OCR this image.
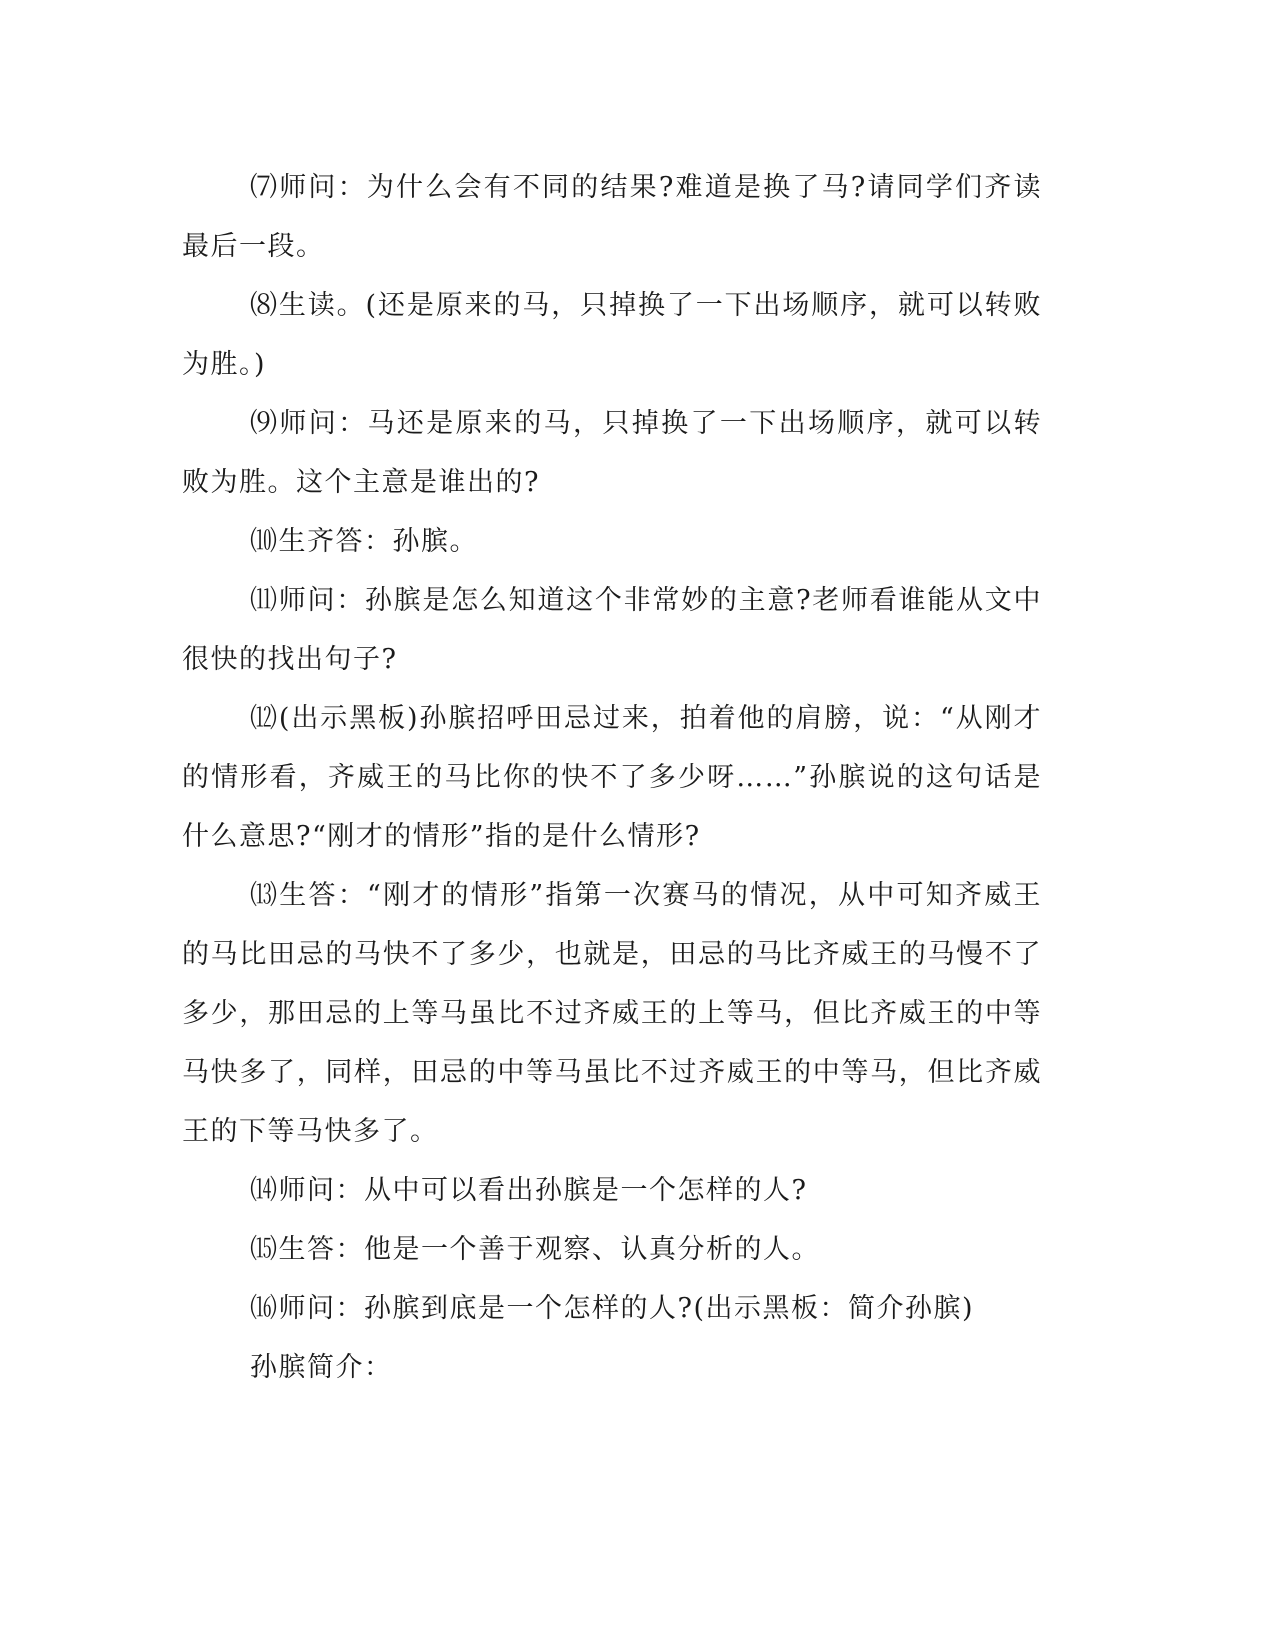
⑺师问：为什么会有不同的结果?难道是换了马?请同学们齐读最后一段。

⑻生读。(还是原来的马，只掉换了一下出场顺序，就可以转败为胜。)

⑼师问：马还是原来的马，只掉换了一下出场顺序，就可以转败为胜。这个主意是谁出的?

⑽生齐答：孙膑。

⑾师问：孙膑是怎么知道这个非常妙的主意?老师看谁能从文中很快的找出句子?

⑿(出示黑板)孙膑招呼田忌过来，拍着他的肩膀，说：“从刚才的情形看，齐威王的马比你的快不了多少呀……”孙膑说的这句话是什么意思?“刚才的情形”指的是什么情形?

⒀生答：“刚才的情形”指第一次赛马的情况，从中可知齐威王的马比田忌的马快不了多少，也就是，田忌的马比齐威王的马慢不了多少，那田忌的上等马虽比不过齐威王的上等马，但比齐威王的中等马快多了，同样，田忌的中等马虽比不过齐威王的中等马，但比齐威王的下等马快多了。

⒁师问：从中可以看出孙膑是一个怎样的人?

⒂生答：他是一个善于观察、认真分析的人。

⒃师问：孙膑到底是一个怎样的人?(出示黑板：简介孙膑)

孙膑简介：
